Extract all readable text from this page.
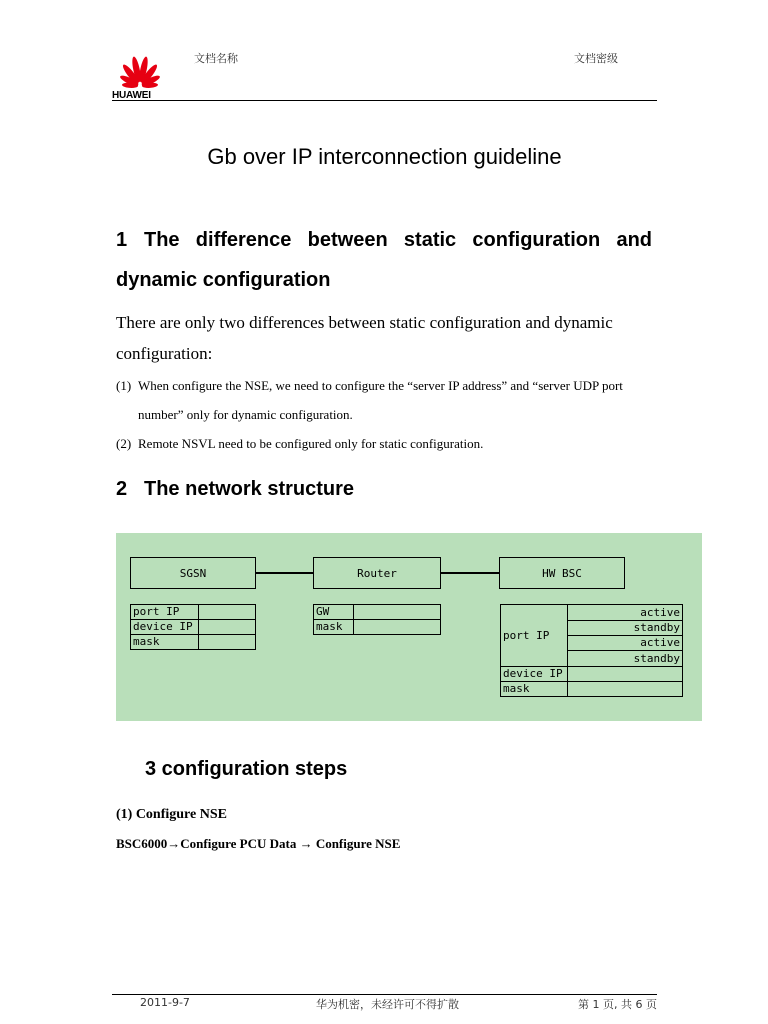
HUAWEI
文档名称	文档密级
Gb over IP interconnection guideline
1 The difference between static configuration and dynamic configuration
There are only two differences between static configuration and dynamic configuration:
(1) When configure the NSE, we need to configure the “server IP address” and “server UDP port number” only for dynamic configuration.
(2) Remote NSVL need to be configured only for static configuration.
2 The network structure
SGSN	Router	HW BSC
port IP	
device IP	
mask	
GW	
mask	
port IP	active
	standby
	active
	standby
device IP	
mask	
3 configuration steps
(1) Configure NSE
BSC6000→Configure PCU Data → Configure NSE
2011-9-7	华为机密，未经许可不得扩散	第 1 页, 共 6 页
